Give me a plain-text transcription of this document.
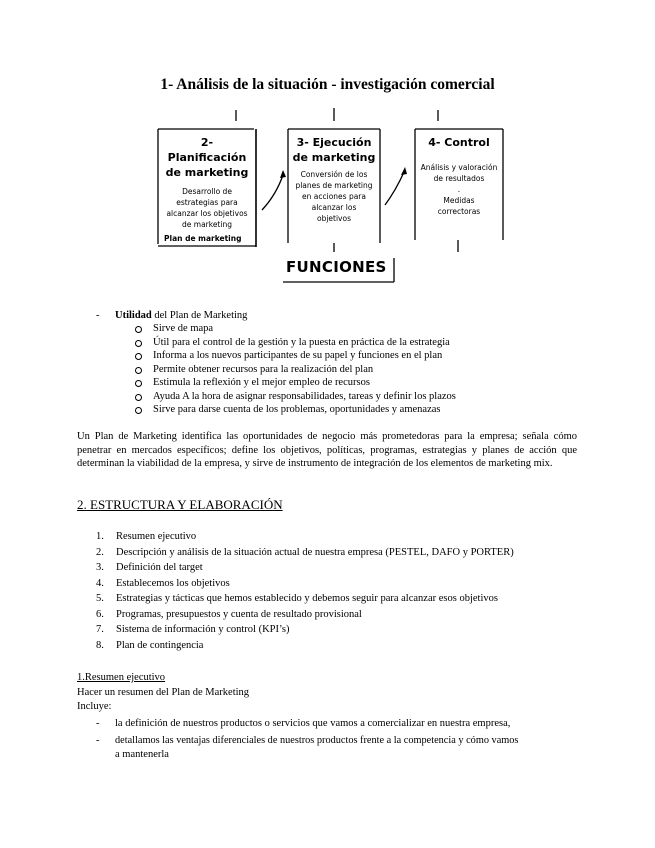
1- Análisis de la situación - investigación comercial
2- Planificación
de marketing
Desarrollo de
estrategias para
alcanzar los objetivos
de marketing
Plan de marketing
3- Ejecución
de marketing
Conversión de los
planes de marketing
en acciones para
alcanzar los
objetivos
4- Control
Análisis y valoración
de resultados
.
Medidas
correctoras
FUNCIONES
- Utilidad del Plan de Marketing
Sirve de mapa
Útil para el control de la gestión y la puesta en práctica de la estrategia
Informa a los nuevos participantes de su papel y funciones en el plan
Permite obtener recursos para la realización del plan
Estimula la reflexión y el mejor empleo de recursos
Ayuda A la hora de asignar responsabilidades, tareas y definir los plazos
Sirve para darse cuenta de los problemas, oportunidades y amenazas

Un Plan de Marketing identifica las oportunidades de negocio más prometedoras para la empresa; señala cómo penetrar en mercados específicos; define los objetivos, políticas, programas, estrategias y planes de acción que determinan la viabilidad de la empresa, y sirve de instrumento de integración de los elementos de marketing mix.

2. ESTRUCTURA Y ELABORACIÓN
1. Resumen ejecutivo
2. Descripción y análisis de la situación actual de nuestra empresa (PESTEL, DAFO y PORTER)
3. Definición del target
4. Establecemos los objetivos
5. Estrategias y tácticas que hemos establecido y debemos seguir para alcanzar esos objetivos
6. Programas, presupuestos y cuenta de resultado provisional
7. Sistema de información y control (KPI’s)
8. Plan de contingencia
1.Resumen ejecutivo
Hacer un resumen del Plan de Marketing
Incluye:
- la definición de nuestros productos o servicios que vamos a comercializar en nuestra empresa,
- detallamos las ventajas diferenciales de nuestros productos frente a la competencia y cómo vamos
a mantenerla
